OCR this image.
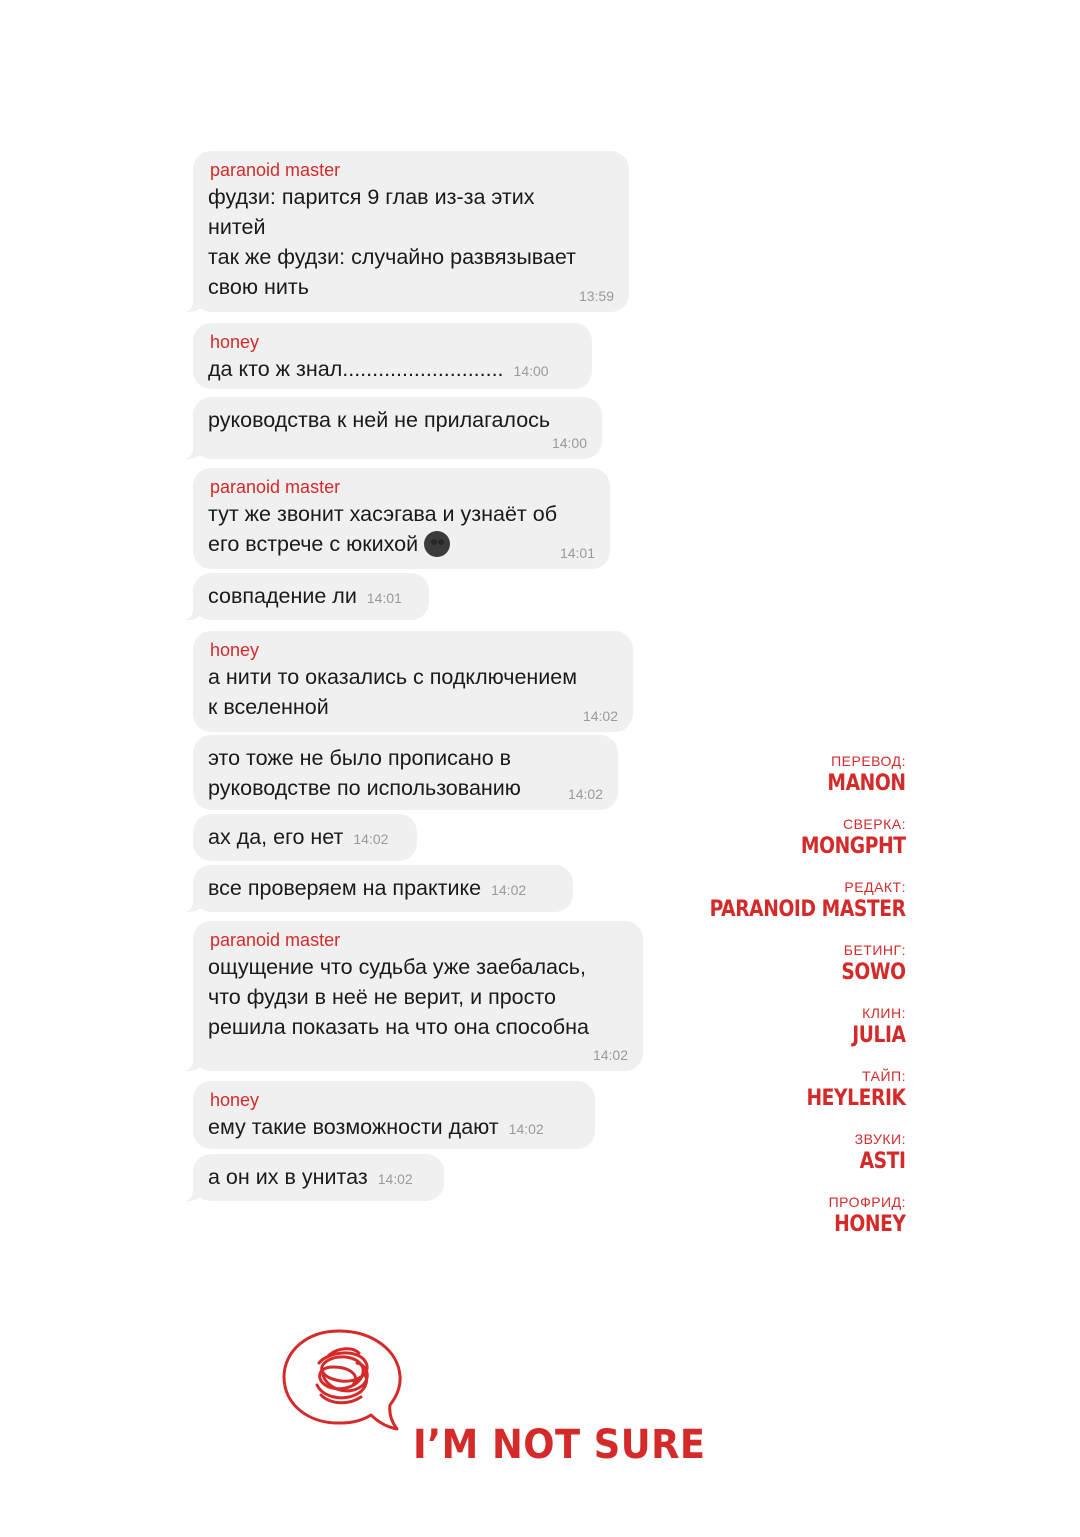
paranoid master
фудзи: парится 9 глав из-за этих
нитей
так же фудзи: случайно развязывает
свою нить	13:59
honey
да кто ж знал........................... 14:00
руководства к ней не прилагалось
14:00
paranoid master
тут же звонит хасэгава и узнаёт об
его встрече с юкихой	14:01
совпадение ли 14:01
honey
а нити то оказались с подключением
к вселенной	14:02
это тоже не было прописано в
руководстве по использованию	14:02
ах да, его нет 14:02
все проверяем на практике 14:02
paranoid master
ощущение что судьба уже заебалась,
что фудзи в неё не верит, и просто
решила показать на что она способна
14:02
honey
ему такие возможности дают 14:02
а он их в унитаз 14:02
ПЕРЕВОД:
MANON
СВЕРКА:
MONGPHT
РЕДАКТ:
PARANOID MASTER
БЕТИНГ:
SOWO
КЛИН:
JULIA
ТАЙП:
HEYLERIK
ЗВУКИ:
ASTI
ПРОФРИД:
HONEY
I’M NOT SURE
